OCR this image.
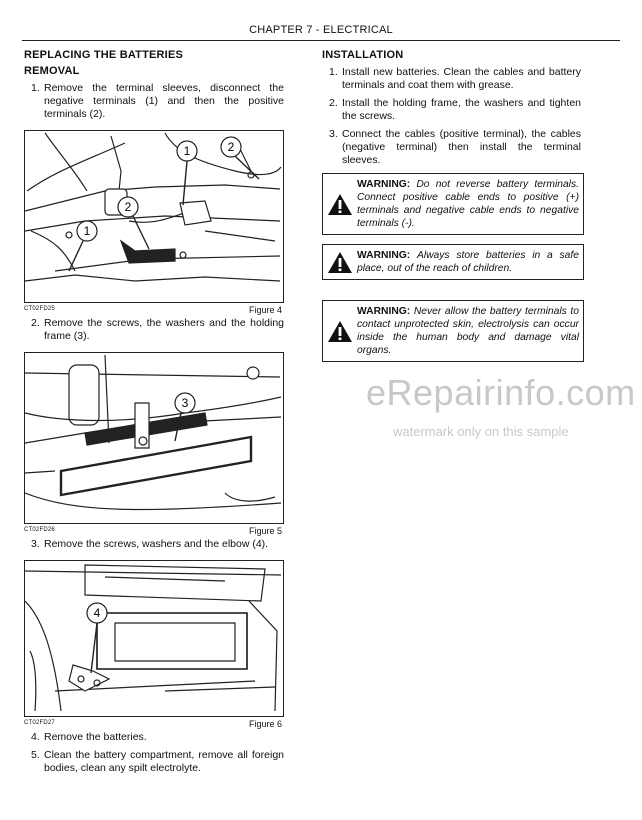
CHAPTER 7 - ELECTRICAL
REPLACING THE BATTERIES
REMOVAL
1. Remove the terminal sleeves, disconnect the negative terminals (1) and then the positive terminals (2).
1	2
1
2
CT02FD25	Figure 4
2. Remove the screws, the washers and the holding frame (3).
3
CT02FD26	Figure 5
3. Remove the screws, washers and the elbow (4).
4
CT02FD27	Figure 6
4. Remove the batteries.
5. Clean the battery compartment, remove all foreign bodies, clean any spilt electrolyte.
INSTALLATION
1. Install new batteries. Clean the cables and battery terminals and coat them with grease.
2. Install the holding frame, the washers and tighten the screws.
3. Connect the cables (positive terminal), the cables (negative terminal) then install the terminal sleeves.
WARNING: Do not reverse battery terminals. Connect positive cable ends to positive (+) terminals and negative cable ends to negative terminals (-).
WARNING: Always store batteries in a safe place, out of the reach of children.
WARNING: Never allow the battery terminals to contact unprotected skin, electrolysis can occur inside the human body and damage vital organs.
eRepairinfo.com
watermark only on this sample
